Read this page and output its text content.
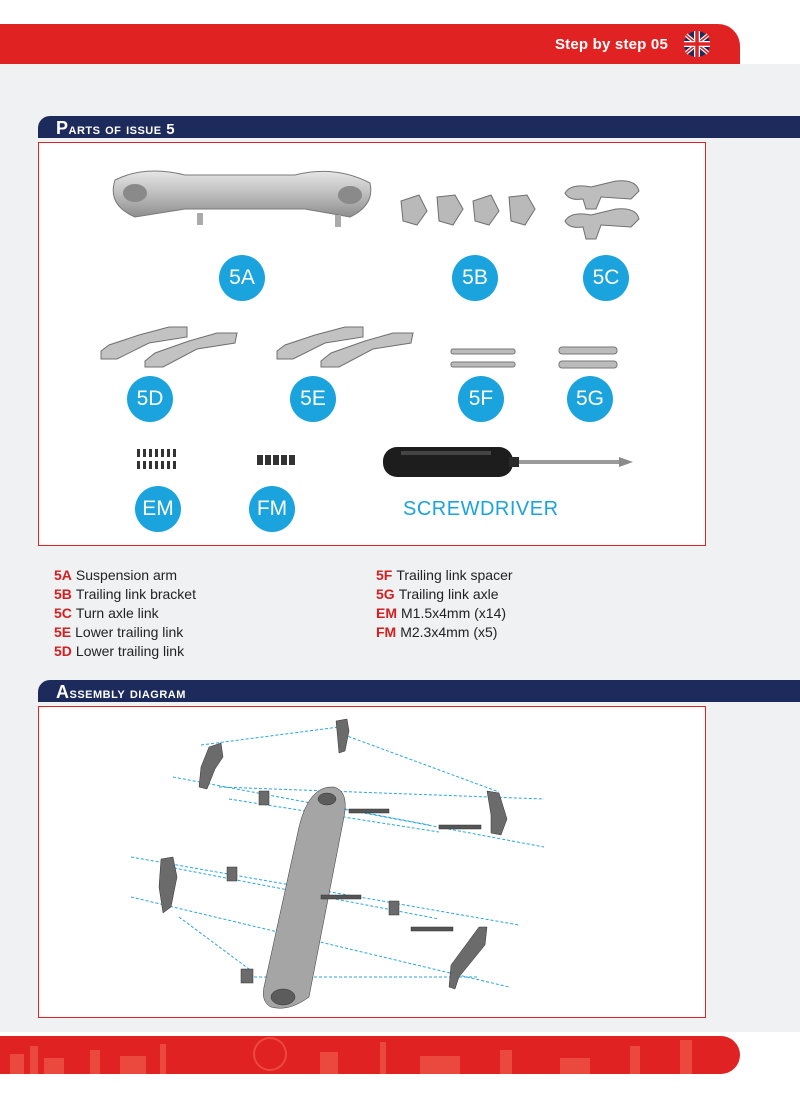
Step by step 05
Parts of issue 5
5A	5B	5C
5D	5E	5F	5G
EM	FM	SCREWDRIVER
5A Suspension arm
5B Trailing link bracket
5C Turn axle link
5E Lower trailing link
5D Lower trailing link
5F Trailing link spacer
5G Trailing link axle
EM M1.5x4mm (x14)
FM M2.3x4mm (x5)
Assembly diagram
